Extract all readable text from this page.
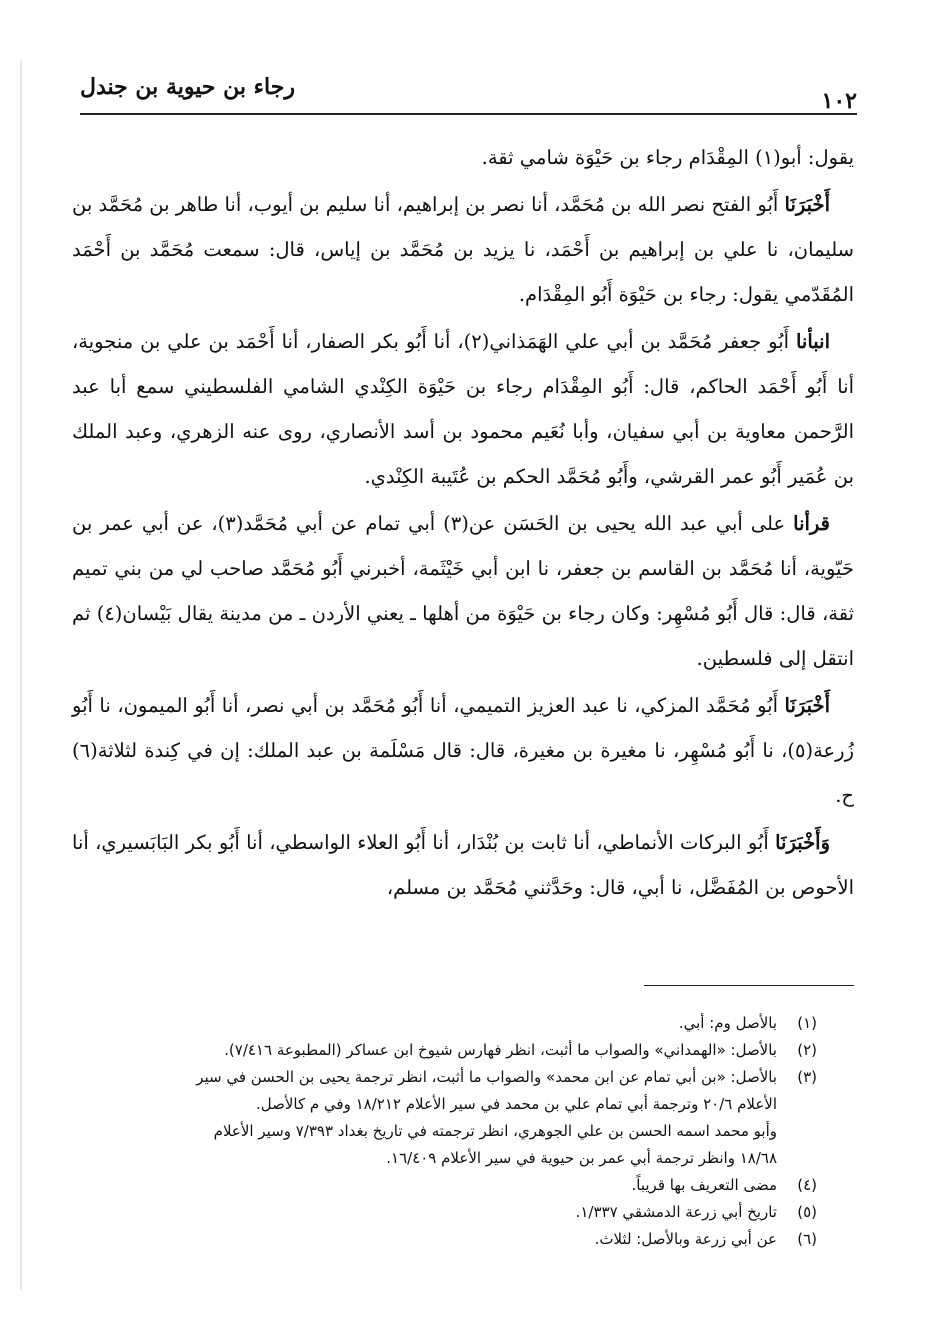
١٠٢
رجاء بن حيوية بن جندل

يقول: أبو(١) المِقْدَام رجاء بن حَيْوَة شامي ثقة.

أَخْبَرَنَا أَبُو الفتح نصر الله بن مُحَمَّد، أنا نصر بن إبراهيم، أنا سليم بن أيوب، أنا طاهر بن مُحَمَّد بن سليمان، نا علي بن إبراهيم بن أَحْمَد، نا يزيد بن مُحَمَّد بن إياس، قال: سمعت مُحَمَّد بن أَحْمَد المُقَدّمي يقول: رجاء بن حَيْوَة أَبُو المِقْدَام.

انبأنا أَبُو جعفر مُحَمَّد بن أبي علي الهَمَذاني(٢)، أنا أَبُو بكر الصفار، أنا أَحْمَد بن علي بن منجوية، أنا أَبُو أَحْمَد الحاكم، قال: أَبُو المِقْدَام رجاء بن حَيْوَة الكِنْدي الشامي الفلسطيني سمع أبا عبد الرَّحمن معاوية بن أبي سفيان، وأبا نُعَيم محمود بن أسد الأنصاري، روى عنه الزهري، وعبد الملك بن عُمَير أَبُو عمر القرشي، وأَبُو مُحَمَّد الحكم بن عُتَيبة الكِنْدي.

قرأنا على أبي عبد الله يحيى بن الحَسَن عن(٣) أبي تمام عن أبي مُحَمَّد(٣)، عن أبي عمر بن حَيّوية، أنا مُحَمَّد بن القاسم بن جعفر، نا ابن أبي خَيْثَمة، أخبرني أَبُو مُحَمَّد صاحب لي من بني تميم ثقة، قال: قال أَبُو مُسْهِر: وكان رجاء بن حَيْوَة من أهلها ـ يعني الأردن ـ من مدينة يقال بَيْسان(٤) ثم انتقل إلى فلسطين.

أَخْبَرَنَا أَبُو مُحَمَّد المزكي، نا عبد العزيز التميمي، أنا أَبُو مُحَمَّد بن أبي نصر، أنا أَبُو الميمون، نا أَبُو زُرعة(٥)، نا أَبُو مُسْهِر، نا مغيرة بن مغيرة، قال: قال مَسْلَمة بن عبد الملك: إن في كِندة لثلاثة(٦) ح.

وَأَخْبَرَنَا أَبُو البركات الأنماطي، أنا ثابت بن بُنْدَار، أنا أَبُو العلاء الواسطي، أنا أَبُو بكر البَابَسيري، أنا الأحوص بن المُفَضَّل، نا أبي، قال: وحَدَّثني مُحَمَّد بن مسلم،

(١)
بالأصل وم: أبي.
(٢)
بالأصل: «الهمداني» والصواب ما أثبت، انظر فهارس شيوخ ابن عساكر (المطبوعة ٧/٤١٦).
(٣)
بالأصل: «بن أبي تمام عن ابن محمد» والصواب ما أثبت، انظر ترجمة يحيى بن الحسن في سير
الأعلام ٢٠/٦ وترجمة أبي تمام علي بن محمد في سير الأعلام ١٨/٢١٢ وفي م كالأصل.
وأبو محمد اسمه الحسن بن علي الجوهري، انظر ترجمته في تاريخ بغداد ٧/٣٩٣ وسير الأعلام
١٨/٦٨ وانظر ترجمة أبي عمر بن حيوية في سير الأعلام ١٦/٤٠٩.
(٤)
مضى التعريف بها قريباً.
(٥)
تاريخ أبي زرعة الدمشقي ١/٣٣٧.
(٦)
عن أبي زرعة وبالأصل: لثلاث.
